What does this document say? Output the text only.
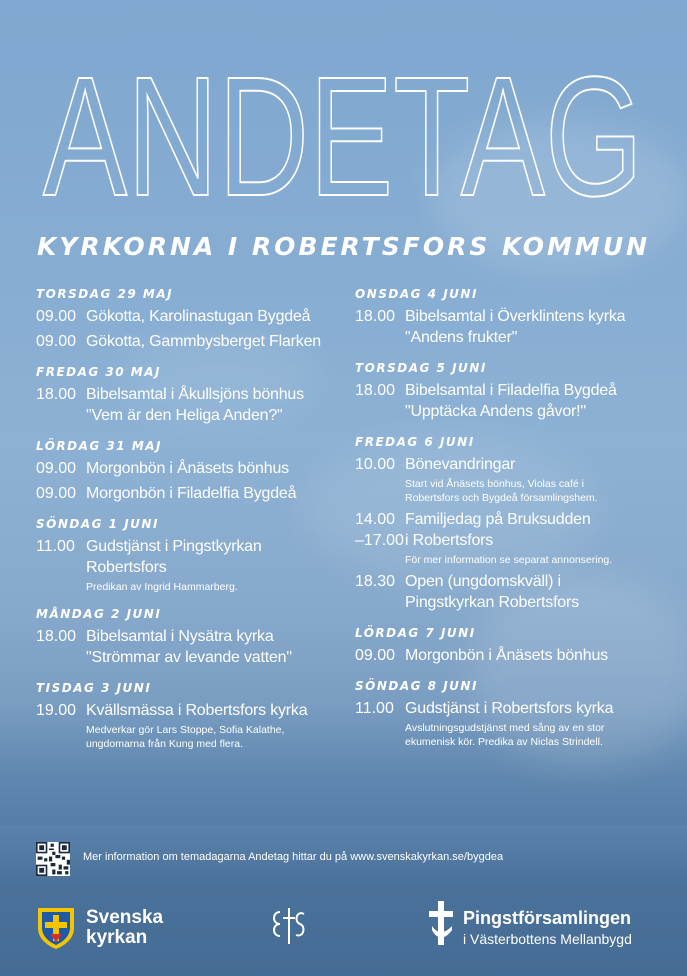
ANDETAG
KYRKORNA I ROBERTSFORS KOMMUN
TORSDAG 29 MAJ
09.00 Gökotta, Karolinastugan Bygdeå
09.00 Gökotta, Gammbysberget Flarken
FREDAG 30 MAJ
18.00 Bibelsamtal i Åkullsjöns bönhus
"Vem är den Heliga Anden?"
LÖRDAG 31 MAJ
09.00 Morgonbön i Ånäsets bönhus
09.00 Morgonbön i Filadelfia Bygdeå
SÖNDAG 1 JUNI
11.00 Gudstjänst i Pingstkyrkan
Robertsfors
Predikan av Ingrid Hammarberg.
MÅNDAG 2 JUNI
18.00 Bibelsamtal i Nysätra kyrka
"Strömmar av levande vatten"
TISDAG 3 JUNI
19.00 Kvällsmässa i Robertsfors kyrka
Medverkar gör Lars Stoppe, Sofia Kalathe,
ungdomarna från Kung med flera.
ONSDAG 4 JUNI
18.00 Bibelsamtal i Överklintens kyrka
"Andens frukter"
TORSDAG 5 JUNI
18.00 Bibelsamtal i Filadelfia Bygdeå
"Upptäcka Andens gåvor!"
FREDAG 6 JUNI
10.00 Bönevandringar
Start vid Ånäsets bönhus, Violas café i
Robertsfors och Bygdeå församlingshem.
14.00
–17.00
Familjedag på Bruksudden
i Robertsfors
För mer information se separat annonsering.
18.30 Open (ungdomskväll) i
Pingstkyrkan Robertsfors
LÖRDAG 7 JUNI
09.00 Morgonbön i Ånäsets bönhus
SÖNDAG 8 JUNI
11.00 Gudstjänst i Robertsfors kyrka
Avslutningsgudstjänst med sång av en stor
ekumenisk kör. Predika av Niclas Strindell.
Mer information om temadagarna Andetag hittar du på www.svenskakyrkan.se/bygdea
Svenska
kyrkan
Pingstförsamlingen
i Västerbottens Mellanbygd
